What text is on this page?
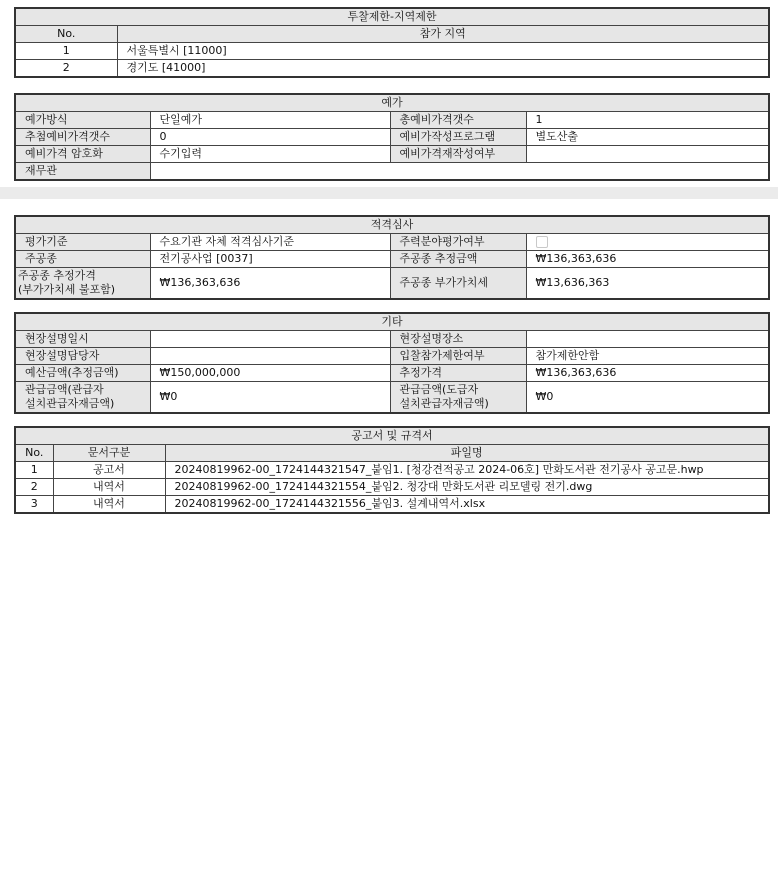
투찰제한-지역제한	
No.	참가 지역
1	서울특별시 [11000]
2	경기도 [41000]
예가			
예가방식	단일예가	총예비가격갯수	1
추첨예비가격갯수	0	예비가작성프로그램	별도산출
예비가격 암호화	수기입력	예비가격재작성여부	
재무관			
적격심사			
평가기준	수요기관 자체 적격심사기준	주력분야평가여부	
주공종	전기공사업 [0037]	주공종 추정금액	₩136,363,636
주공종 추정가격
(부가가치세 불포함)	₩136,363,636	주공종 부가가치세	₩13,636,363
기타			
현장설명일시		현장설명장소	
현장설명담당자		입찰참가제한여부	참가제한안함
예산금액(추정금액)	₩150,000,000	추정가격	₩136,363,636
관급금액(관급자
설치관급자재금액)	₩0	관급금액(도급자
설치관급자재금액)	₩0
공고서 및 규격서		
No.	문서구분	파일명
1	공고서	20240819962-00_1724144321547_붙임1. [청강견적공고 2024-06호] 만화도서관 전기공사 공고문.hwp
2	내역서	20240819962-00_1724144321554_붙임2. 청강대 만화도서관 리모델링 전기.dwg
3	내역서	20240819962-00_1724144321556_붙임3. 설계내역서.xlsx
